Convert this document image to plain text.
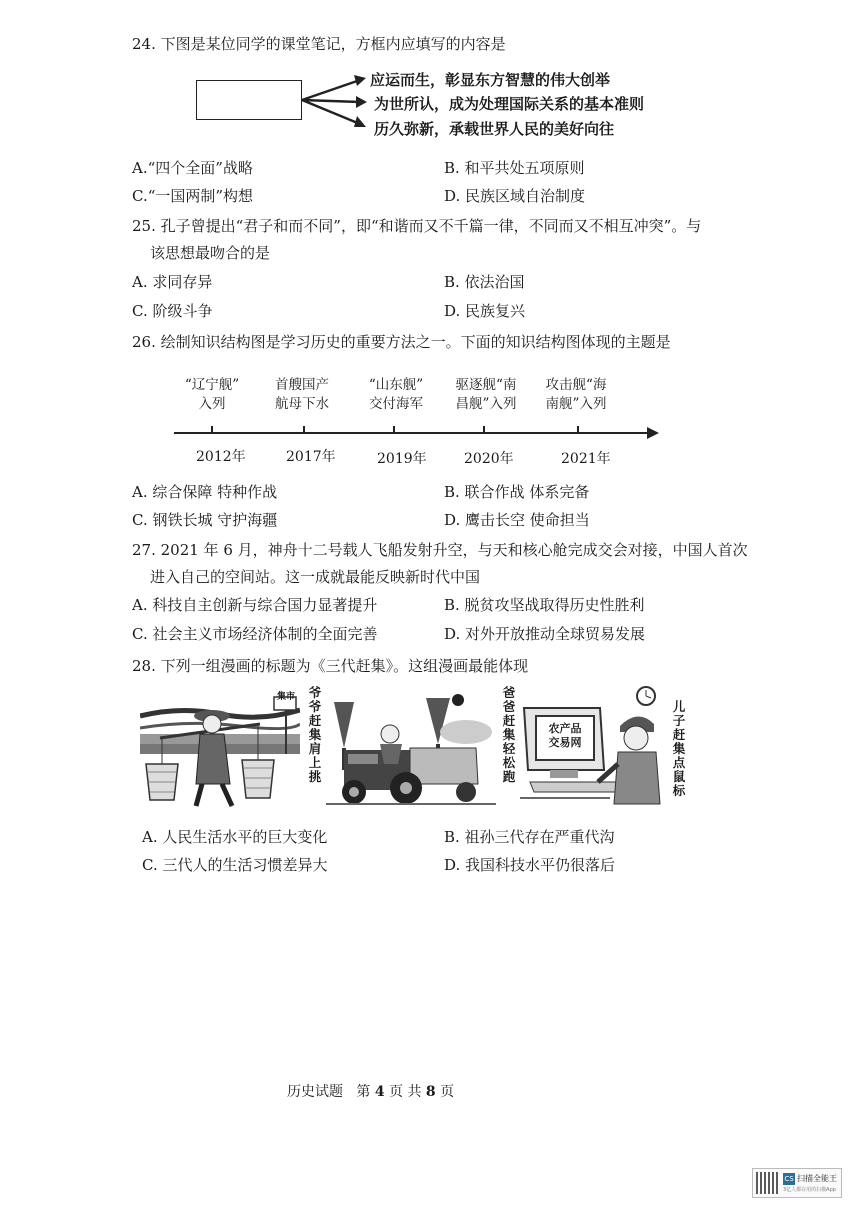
24. 下图是某位同学的课堂笔记，方框内应填写的内容是
应运而生，彰显东方智慧的伟大创举
为世所认，成为处理国际关系的基本准则
历久弥新，承载世界人民的美好向往
A.“四个全面”战略	B. 和平共处五项原则
C.“一国两制”构想	D. 民族区域自治制度
25. 孔子曾提出“君子和而不同”，即“和谐而又不千篇一律，不同而又不相互冲突”。与
该思想最吻合的是
A. 求同存异	B. 依法治国
C. 阶级斗争	D. 民族复兴
26. 绘制知识结构图是学习历史的重要方法之一。下面的知识结构图体现的主题是
“辽宁舰”
入列
首艘国产
航母下水
“山东舰”
交付海军
驱逐舰“南
昌舰”入列
攻击舰“海
南舰”入列
2012年	2017年	2019年	2020年	2021年
A. 综合保障 特种作战	B. 联合作战 体系完备
C. 钢铁长城 守护海疆	D. 鹰击长空 使命担当
27. 2021 年 6 月，神舟十二号载人飞船发射升空，与天和核心舱完成交会对接，中国人首次
进入自己的空间站。这一成就最能反映新时代中国
A. 科技自主创新与综合国力显著提升	B. 脱贫攻坚战取得历史性胜利
C. 社会主义市场经济体制的全面完善	D. 对外开放推动全球贸易发展
28. 下列一组漫画的标题为《三代赶集》。这组漫画最能体现
集市 爷爷赶集肩上挑
爸爸赶集轻松跑
农产品
交易网
儿子赶集点鼠标
A. 人民生活水平的巨大变化	B. 祖孙三代存在严重代沟
C. 三代人的生活习惯差异大	D. 我国科技水平仍很落后
历史试题 第 4 页 共 8 页
CS 扫描全能王
3亿人都在用的扫描App
